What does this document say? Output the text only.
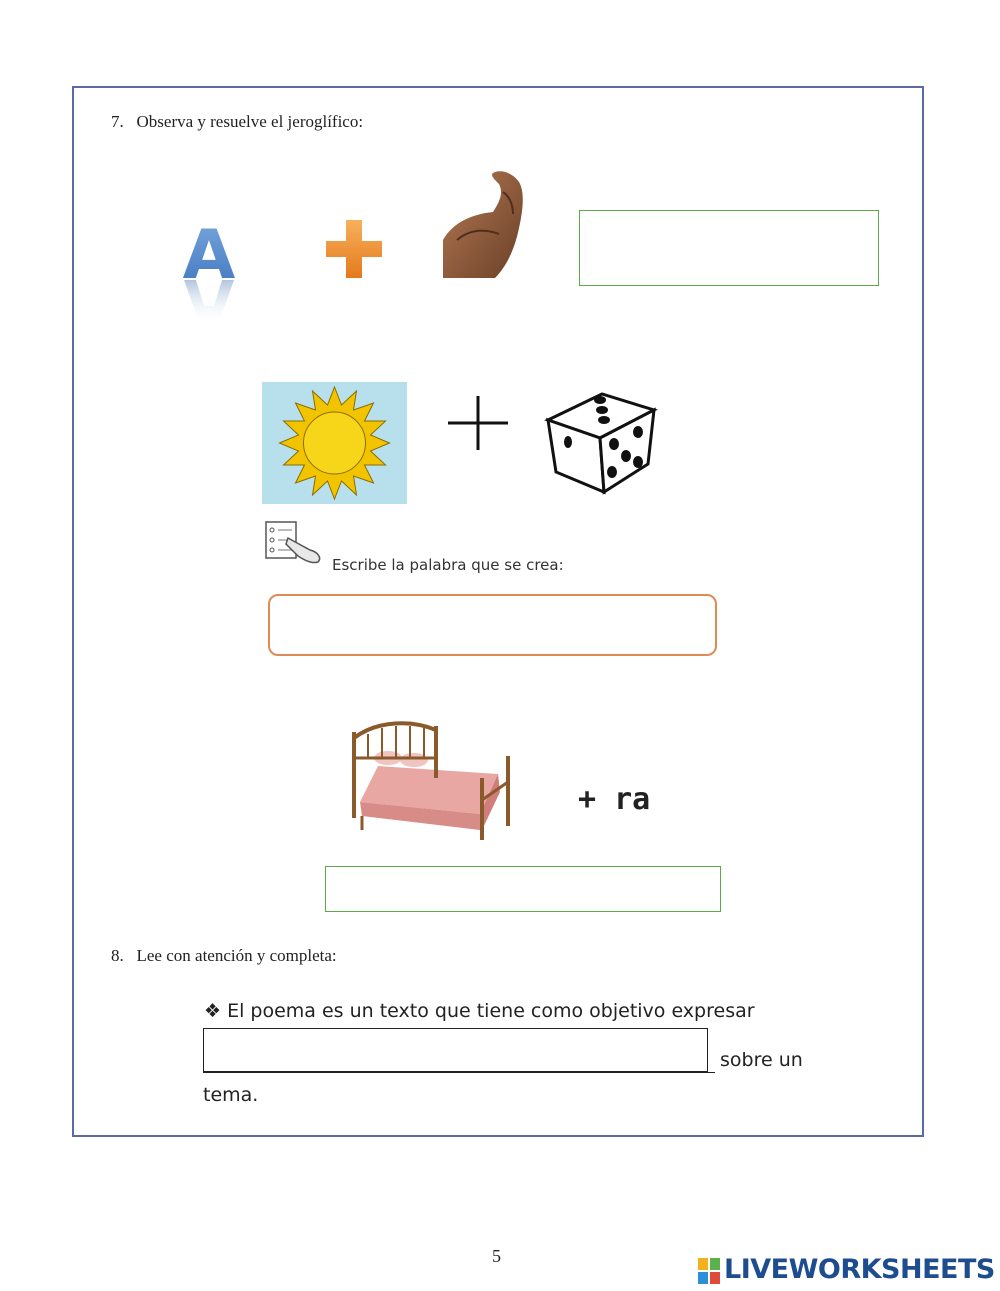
7. Observa y resuelve el jeroglífico:
A
Escribe la palabra que se crea:
+ ra
8. Lee con atención y completa:
❖ El poema es un texto que tiene como objetivo expresar
sobre un
tema.
5	LIVEWORKSHEETS
